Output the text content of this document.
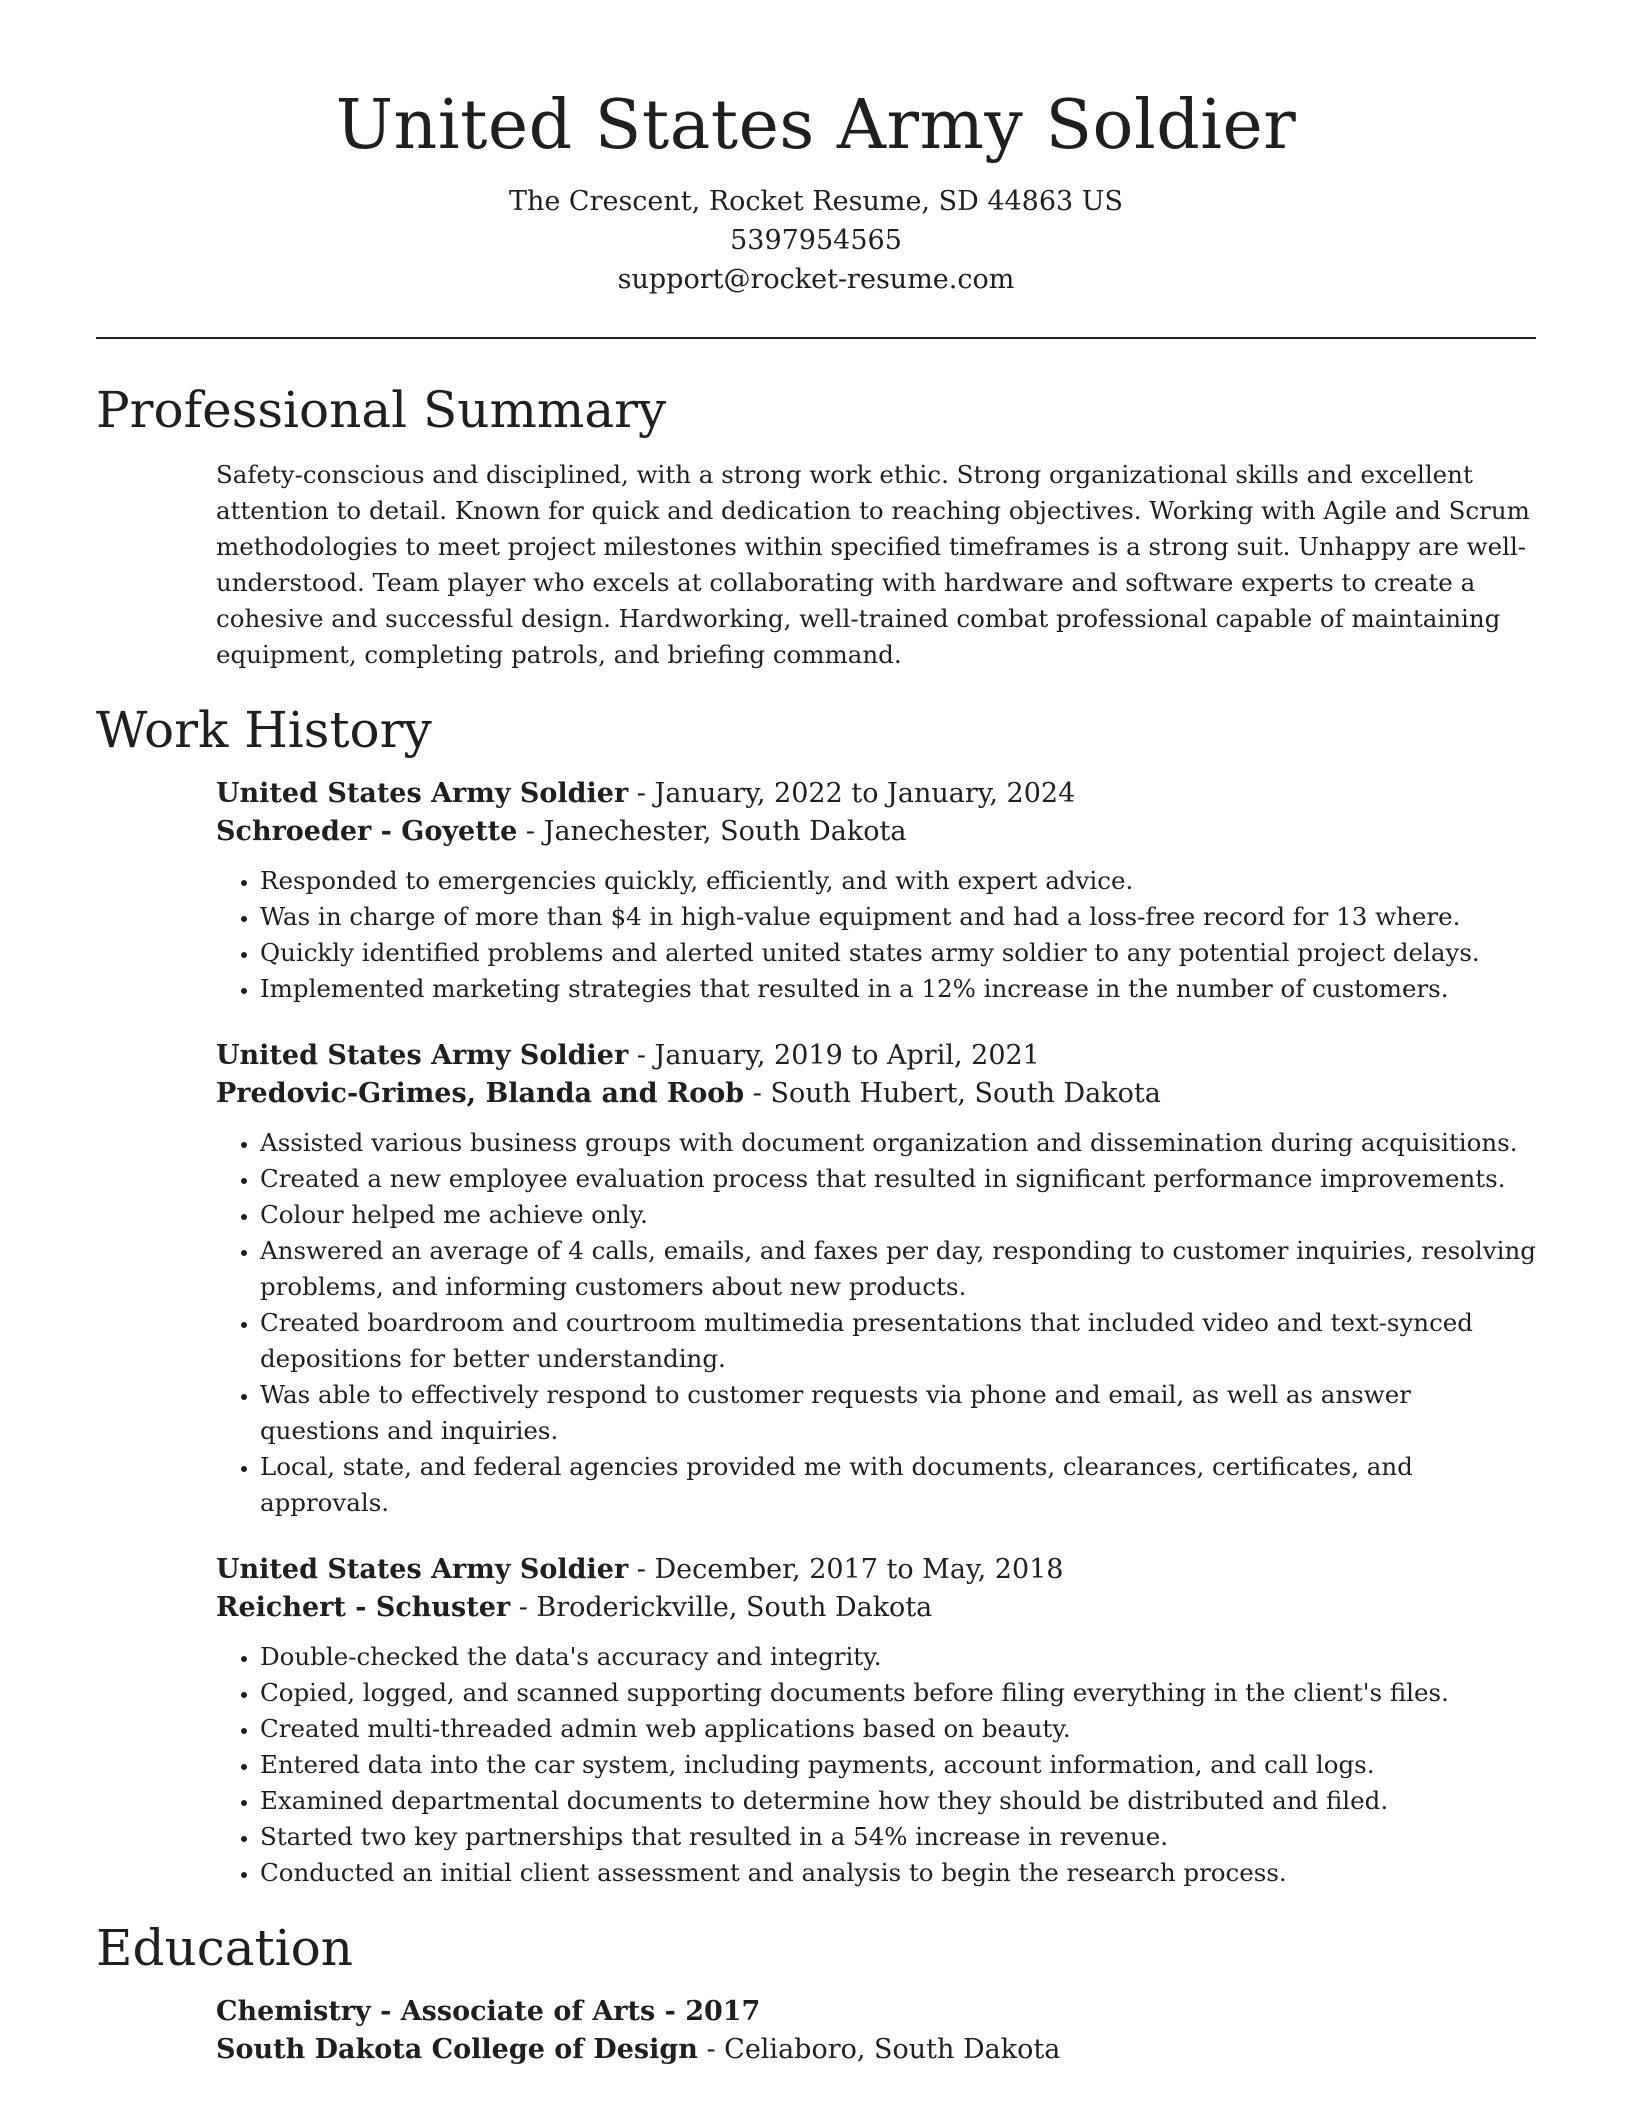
United States Army Soldier

The Crescent, Rocket Resume, SD 44863 US

5397954565

support@rocket-resume.com

Professional Summary

Safety-conscious and disciplined, with a strong work ethic. Strong organizational skills and excellent attention to detail. Known for quick and dedication to reaching objectives. Working with Agile and Scrum methodologies to meet project milestones within specified timeframes is a strong suit. Unhappy are well-understood. Team player who excels at collaborating with hardware and software experts to create a cohesive and successful design. Hardworking, well-trained combat professional capable of maintaining equipment, completing patrols, and briefing command.

Work History

United States Army Soldier - January, 2022 to January, 2024

Schroeder - Goyette - Janechester, South Dakota

• Responded to emergencies quickly, efficiently, and with expert advice.
• Was in charge of more than $4 in high-value equipment and had a loss-free record for 13 where.
• Quickly identified problems and alerted united states army soldier to any potential project delays.
• Implemented marketing strategies that resulted in a 12% increase in the number of customers.

United States Army Soldier - January, 2019 to April, 2021

Predovic-Grimes, Blanda and Roob - South Hubert, South Dakota

• Assisted various business groups with document organization and dissemination during acquisitions.
• Created a new employee evaluation process that resulted in significant performance improvements.
• Colour helped me achieve only.
• Answered an average of 4 calls, emails, and faxes per day, responding to customer inquiries, resolving problems, and informing customers about new products.
• Created boardroom and courtroom multimedia presentations that included video and text-synced depositions for better understanding.
• Was able to effectively respond to customer requests via phone and email, as well as answer questions and inquiries.
• Local, state, and federal agencies provided me with documents, clearances, certificates, and approvals.

United States Army Soldier - December, 2017 to May, 2018

Reichert - Schuster - Broderickville, South Dakota

• Double-checked the data's accuracy and integrity.
• Copied, logged, and scanned supporting documents before filing everything in the client's files.
• Created multi-threaded admin web applications based on beauty.
• Entered data into the car system, including payments, account information, and call logs.
• Examined departmental documents to determine how they should be distributed and filed.
• Started two key partnerships that resulted in a 54% increase in revenue.
• Conducted an initial client assessment and analysis to begin the research process.
Education

Chemistry - Associate of Arts - 2017

South Dakota College of Design - Celiaboro, South Dakota
